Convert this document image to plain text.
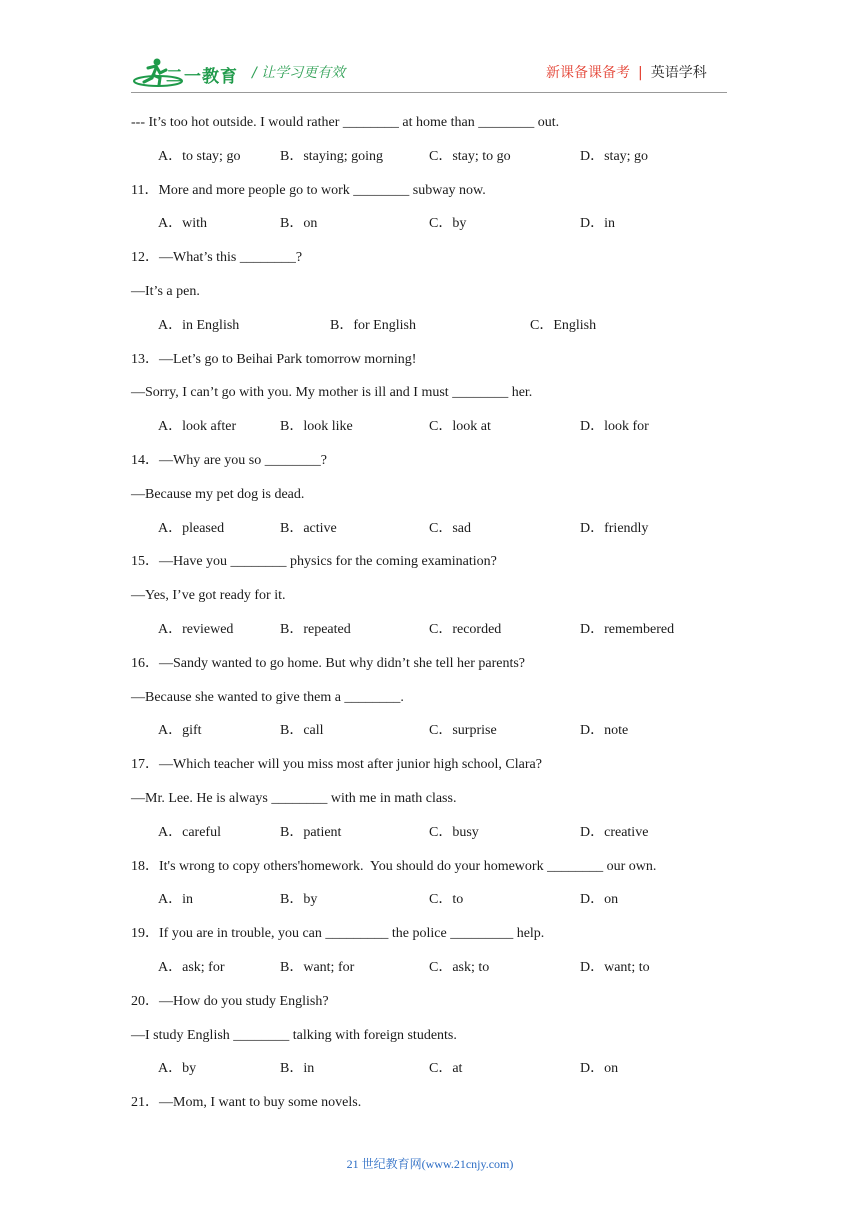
二一教育 / 让学习更有效	新课备课备考 | 英语学科
--- It’s too hot outside. I would rather ________ at home than ________ out.
A．to stay; go	B．staying; going	C．stay; to go	D．stay; go
11．More and more people go to work ________ subway now.
A．with	B．on	C．by	D．in
12．—What’s this ________?
—It’s a pen.
A．in English	B．for English	C．English
13．—Let’s go to Beihai Park tomorrow morning!
—Sorry, I can’t go with you. My mother is ill and I must ________ her.
A．look after	B．look like	C．look at	D．look for
14．—Why are you so ________?
—Because my pet dog is dead.
A．pleased	B．active	C．sad	D．friendly
15．—Have you ________ physics for the coming examination?
—Yes, I’ve got ready for it.
A．reviewed	B．repeated	C．recorded	D．remembered
16．—Sandy wanted to go home. But why didn’t she tell her parents?
—Because she wanted to give them a ________.
A．gift	B．call	C．surprise	D．note
17．—Which teacher will you miss most after junior high school, Clara?
—Mr. Lee. He is always ________ with me in math class.
A．careful	B．patient	C．busy	D．creative
18．It's wrong to copy others'homework.  You should do your homework ________ our own.
A．in	B．by	C．to	D．on
19．If you are in trouble, you can _________ the police _________ help.
A．ask; for	B．want; for	C．ask; to	D．want; to
20．—How do you study English?
—I study English ________ talking with foreign students.
A．by	B．in	C．at	D．on
21．—Mom, I want to buy some novels.
21 世纪教育网(www.21cnjy.com)
